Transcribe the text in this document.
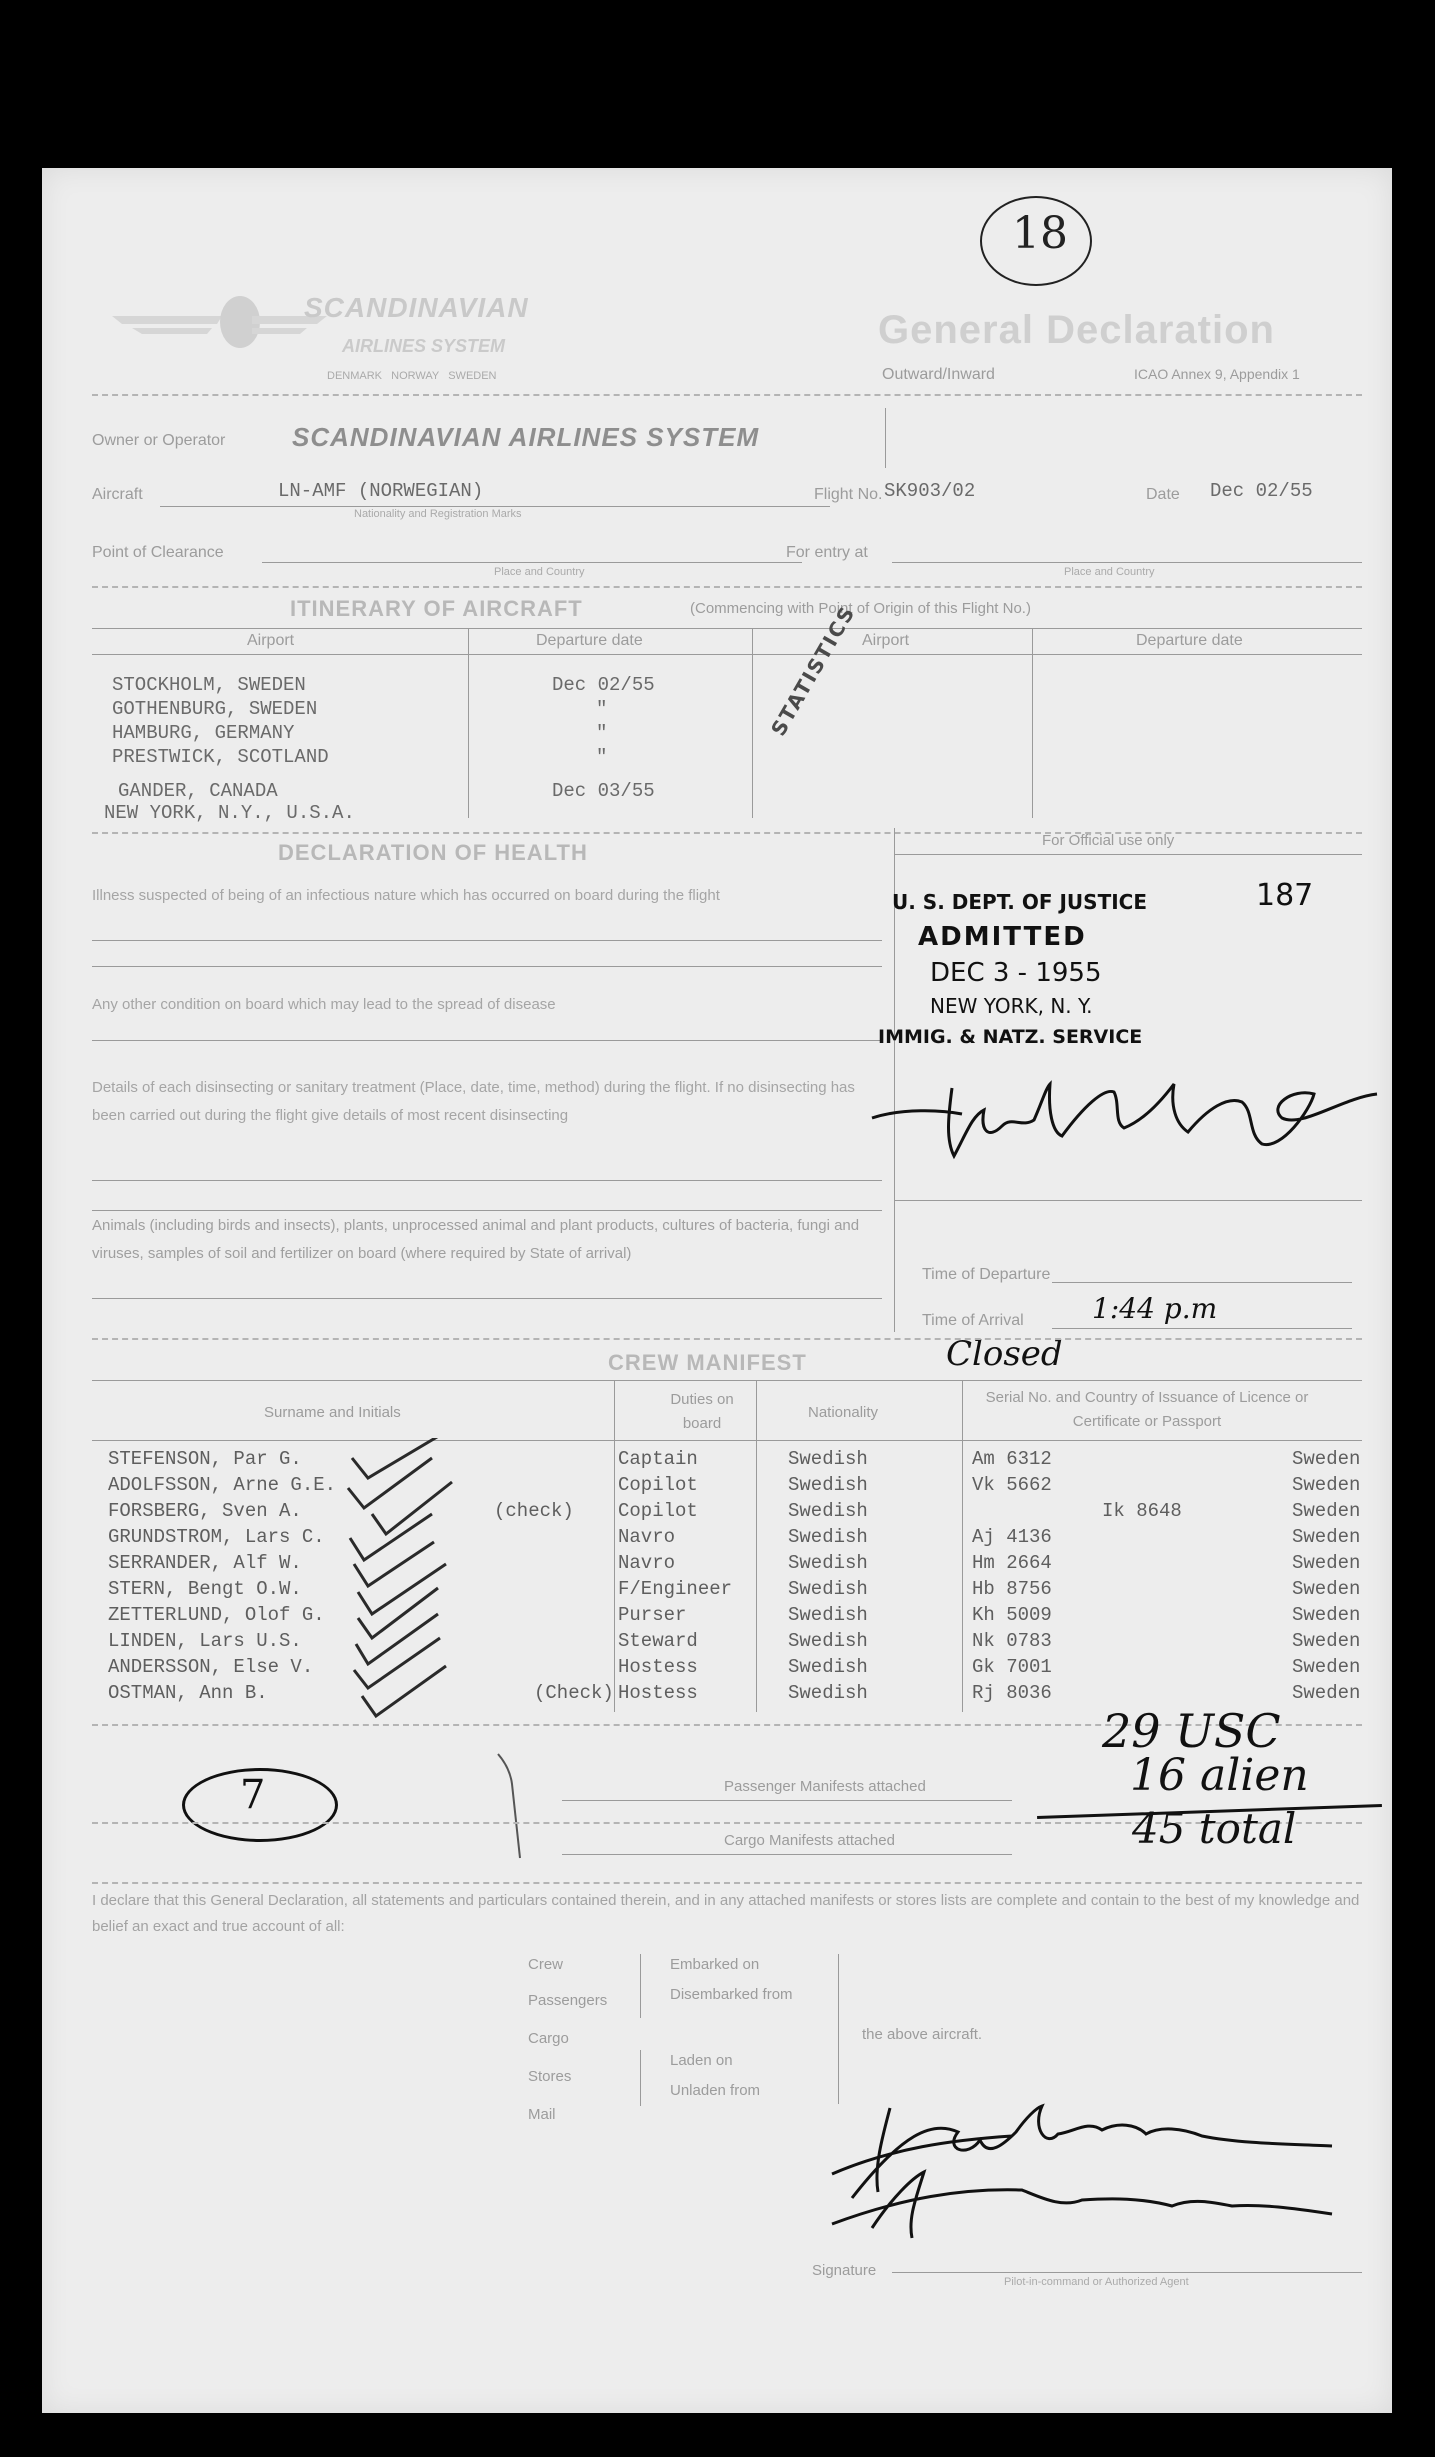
18
SCANDINAVIAN
AIRLINES SYSTEM
DENMARK   NORWAY   SWEDEN
General Declaration
Outward/Inward	ICAO Annex 9, Appendix 1
Owner or Operator	SCANDINAVIAN AIRLINES SYSTEM
Aircraft	LN-AMF (NORWEGIAN)
Nationality and Registration Marks
Flight No. SK903/02	Date Dec 02/55
Point of Clearance
Place and Country
For entry at
Place and Country
ITINERARY OF AIRCRAFT	(Commencing with Point of Origin of this Flight No.)
Airport	Departure date	Airport	Departure date
STOCKHOLM, SWEDEN	Dec 02/55
GOTHENBURG, SWEDEN	"
HAMBURG, GERMANY	"
PRESTWICK, SCOTLAND	"
GANDER, CANADA	Dec 03/55
NEW YORK, N.Y., U.S.A.
STATISTICS
DECLARATION OF HEALTH
Illness suspected of being of an infectious nature which has occurred on board during the flight
Any other condition on board which may lead to the spread of disease
Details of each disinsecting or sanitary treatment (Place, date, time, method) during the flight. If no disinsecting has been carried out during the flight give details of most recent disinsecting
Animals (including birds and insects), plants, unprocessed animal and plant products, cultures of bacteria, fungi and viruses, samples of soil and fertilizer on board (where required by State of arrival)
For Official use only
187
U. S. DEPT. OF JUSTICE
ADMITTED
DEC 3 - 1955
NEW YORK, N. Y.
IMMIG. & NATZ. SERVICE
Time of Departure
Time of Arrival 1:44 p.m
Closed
CREW MANIFEST
Surname and Initials
Duties on board
Nationality
Serial No. and Country of Issuance of Licence or Certificate or Passport
STEFENSON, Par G.	Captain	Swedish	Am 6312	Sweden
ADOLFSSON, Arne G.E.	Copilot	Swedish	Vk 5662	Sweden
FORSBERG, Sven A.	(check) Copilot	Swedish	Ik 8648	Sweden
GRUNDSTROM, Lars C.	Navro	Swedish	Aj 4136	Sweden
SERRANDER, Alf W.	Navro	Swedish	Hm 2664	Sweden
STERN, Bengt O.W.	F/Engineer	Swedish	Hb 8756	Sweden
ZETTERLUND, Olof G.	Purser	Swedish	Kh 5009	Sweden
LINDEN, Lars U.S.	Steward	Swedish	Nk 0783	Sweden
ANDERSSON, Else V.	Hostess	Swedish	Gk 7001	Sweden
OSTMAN, Ann B.	(Check) Hostess	Swedish	Rj 8036	Sweden
7	Passenger Manifests attached
Cargo Manifests attached
29 USC
16 alien
45 total
I declare that this General Declaration, all statements and particulars contained therein, and in any attached manifests or stores lists are complete and contain to the best of my knowledge and belief an exact and true account of all:
Crew
Passengers
Cargo
Stores
Mail
Embarked on
Disembarked from
Laden on
Unladen from
the above aircraft.
Signature
Pilot-in-command or Authorized Agent
